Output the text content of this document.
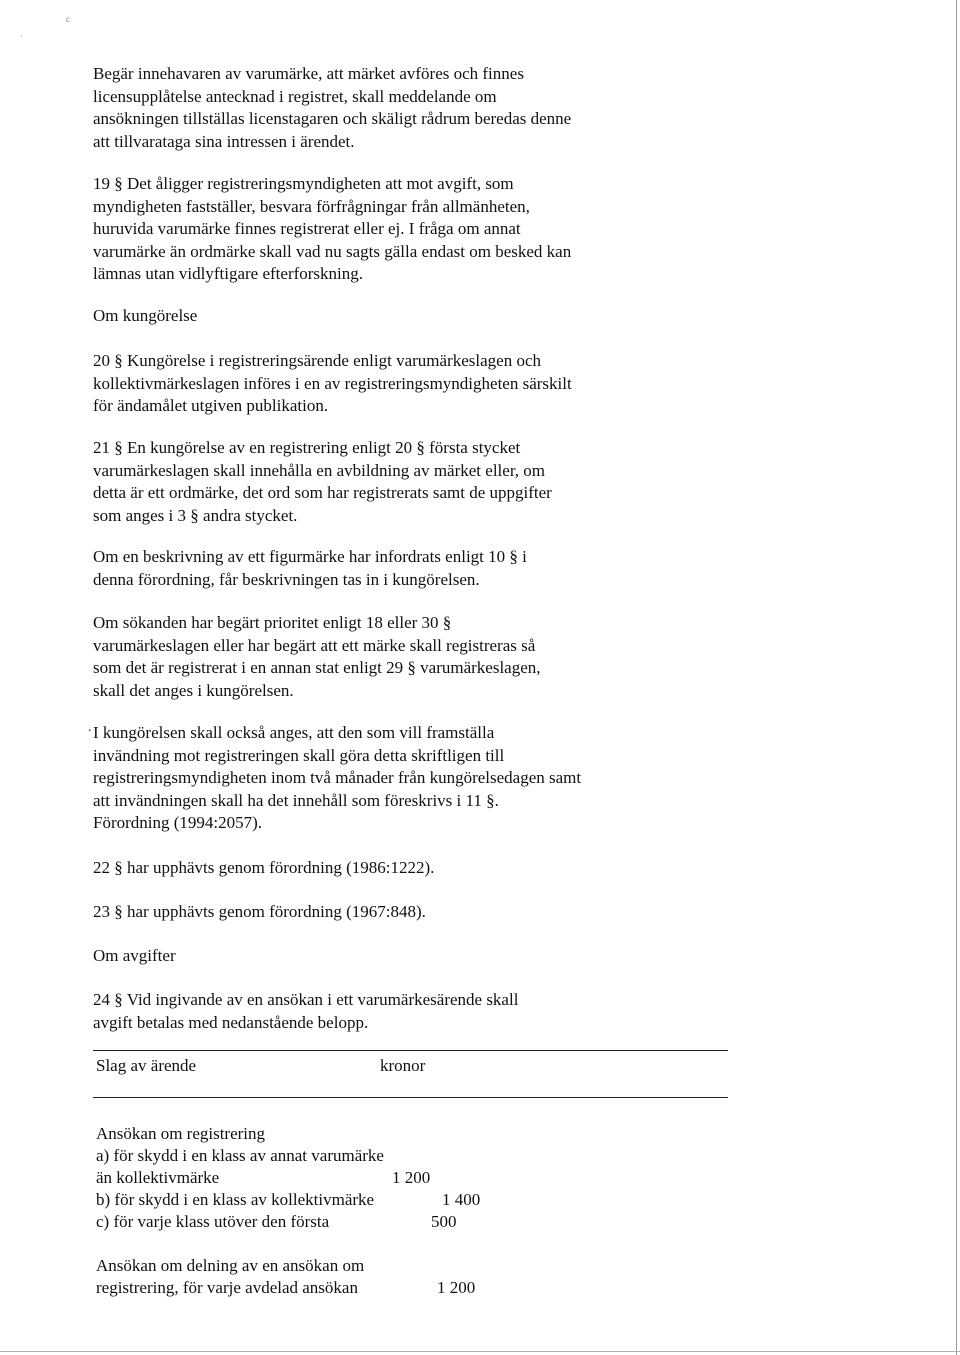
c
`

Begär innehavaren av varumärke, att märket avföres och finnes
licensupplåtelse antecknad i registret, skall meddelande om
ansökningen tillställas licenstagaren och skäligt rådrum beredas denne
att tillvarataga sina intressen i ärendet.

19 § Det åligger registreringsmyndigheten att mot avgift, som
myndigheten fastställer, besvara förfrågningar från allmänheten,
huruvida varumärke finnes registrerat eller ej. I fråga om annat
varumärke än ordmärke skall vad nu sagts gälla endast om besked kan
lämnas utan vidlyftigare efterforskning.

Om kungörelse

20 § Kungörelse i registreringsärende enligt varumärkeslagen och
kollektivmärkeslagen införes i en av registreringsmyndigheten särskilt
för ändamålet utgiven publikation.

21 § En kungörelse av en registrering enligt 20 § första stycket
varumärkeslagen skall innehålla en avbildning av märket eller, om
detta är ett ordmärke, det ord som har registrerats samt de uppgifter
som anges i 3 § andra stycket.

Om en beskrivning av ett figurmärke har infordrats enligt 10 § i
denna förordning, får beskrivningen tas in i kungörelsen.

Om sökanden har begärt prioritet enligt 18 eller 30 §
varumärkeslagen eller har begärt att ett märke skall registreras så
som det är registrerat i en annan stat enligt 29 § varumärkeslagen,
skall det anges i kungörelsen.

. I kungörelsen skall också anges, att den som vill framställa
invändning mot registreringen skall göra detta skriftligen till
registreringsmyndigheten inom två månader från kungörelsedagen samt
att invändningen skall ha det innehåll som föreskrivs i 11 §.
Förordning (1994:2057).

22 § har upphävts genom förordning (1986:1222).

23 § har upphävts genom förordning (1967:848).

Om avgifter

24 § Vid ingivande av en ansökan i ett varumärkesärende skall
avgift betalas med nedanstående belopp.

Slag av ärende	kronor
Ansökan om registrering
a) för skydd i en klass av annat varumärke
än kollektivmärke	1 200
b) för skydd i en klass av kollektivmärke	1 400
c) för varje klass utöver den första	500
Ansökan om delning av en ansökan om
registrering, för varje avdelad ansökan	1 200
